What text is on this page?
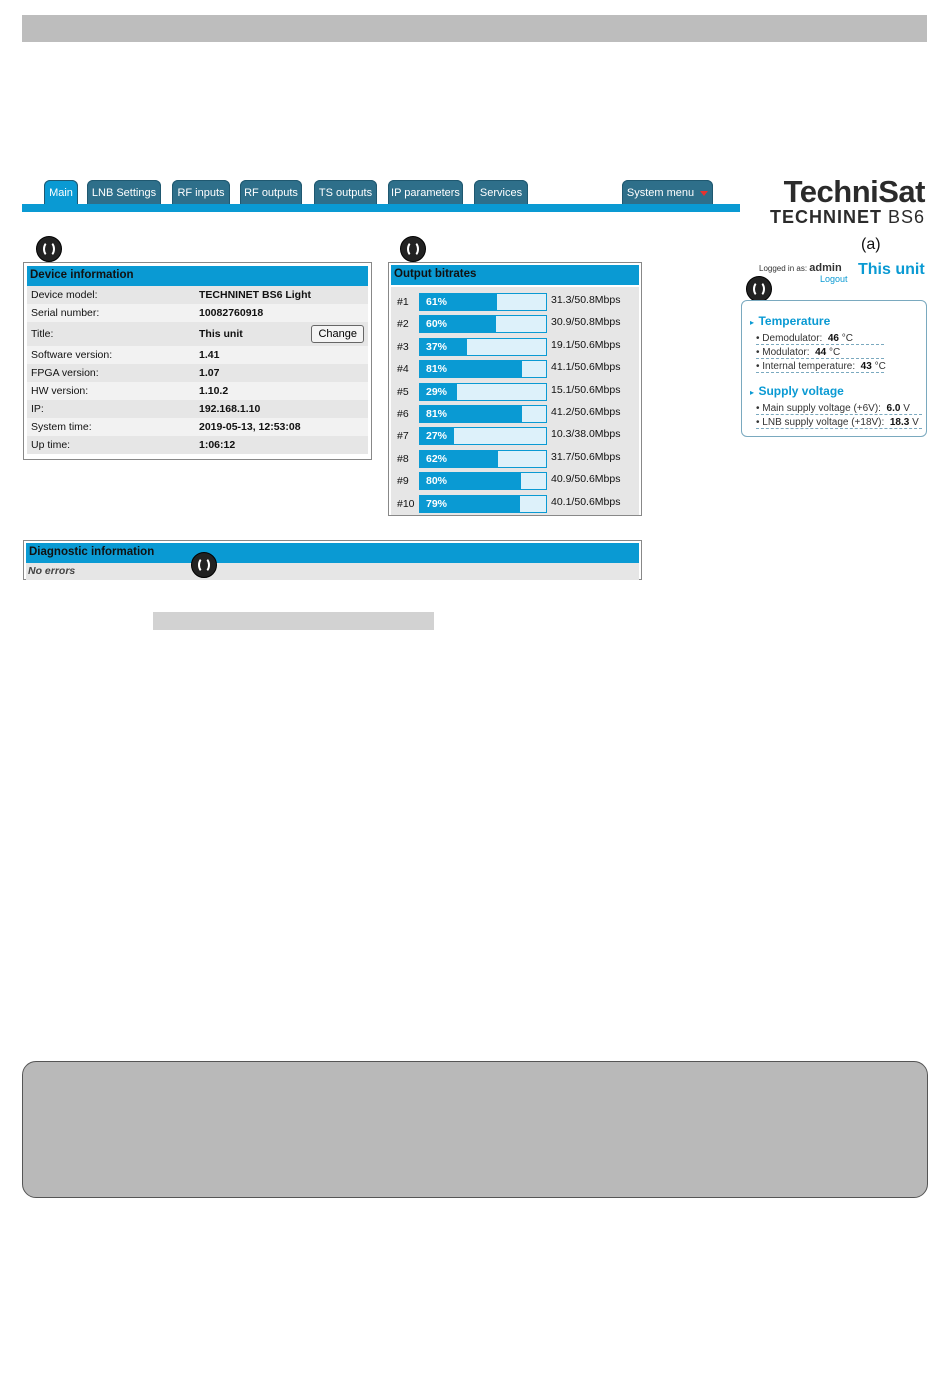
Main	LNB Settings	RF inputs	RF outputs	TS outputs	IP parameters	Services	System menu	TechniSat
TECHNINET BS6
(a)
Logged in as: admin
Logout
This unit
Device information
Device model:	TECHNINET BS6 Light
Serial number:	10082760918
Title:	This unit	Change
Software version:	1.41
FPGA version:	1.07
HW version:	1.10.2
IP:	192.168.1.10
System time:	2019-05-13, 12:53:08
Up time:	1:06:12
Output bitrates
#1 61%	31.3/50.8Mbps
#2 60%	30.9/50.8Mbps
#3 37%	19.1/50.6Mbps
#4 81%	41.1/50.6Mbps
#5 29%	15.1/50.6Mbps
#6 81%	41.2/50.6Mbps
#7 27%	10.3/38.0Mbps
#8 62%	31.7/50.6Mbps
#9 80%	40.9/50.6Mbps
#10 79%	40.1/50.6Mbps
Diagnostic information
No errors
▸ Temperature
• Demodulator: 46 °C
• Modulator: 44 °C
• Internal temperature: 43 °C
▸ Supply voltage
• Main supply voltage (+6V): 6.0 V
• LNB supply voltage (+18V): 18.3 V
